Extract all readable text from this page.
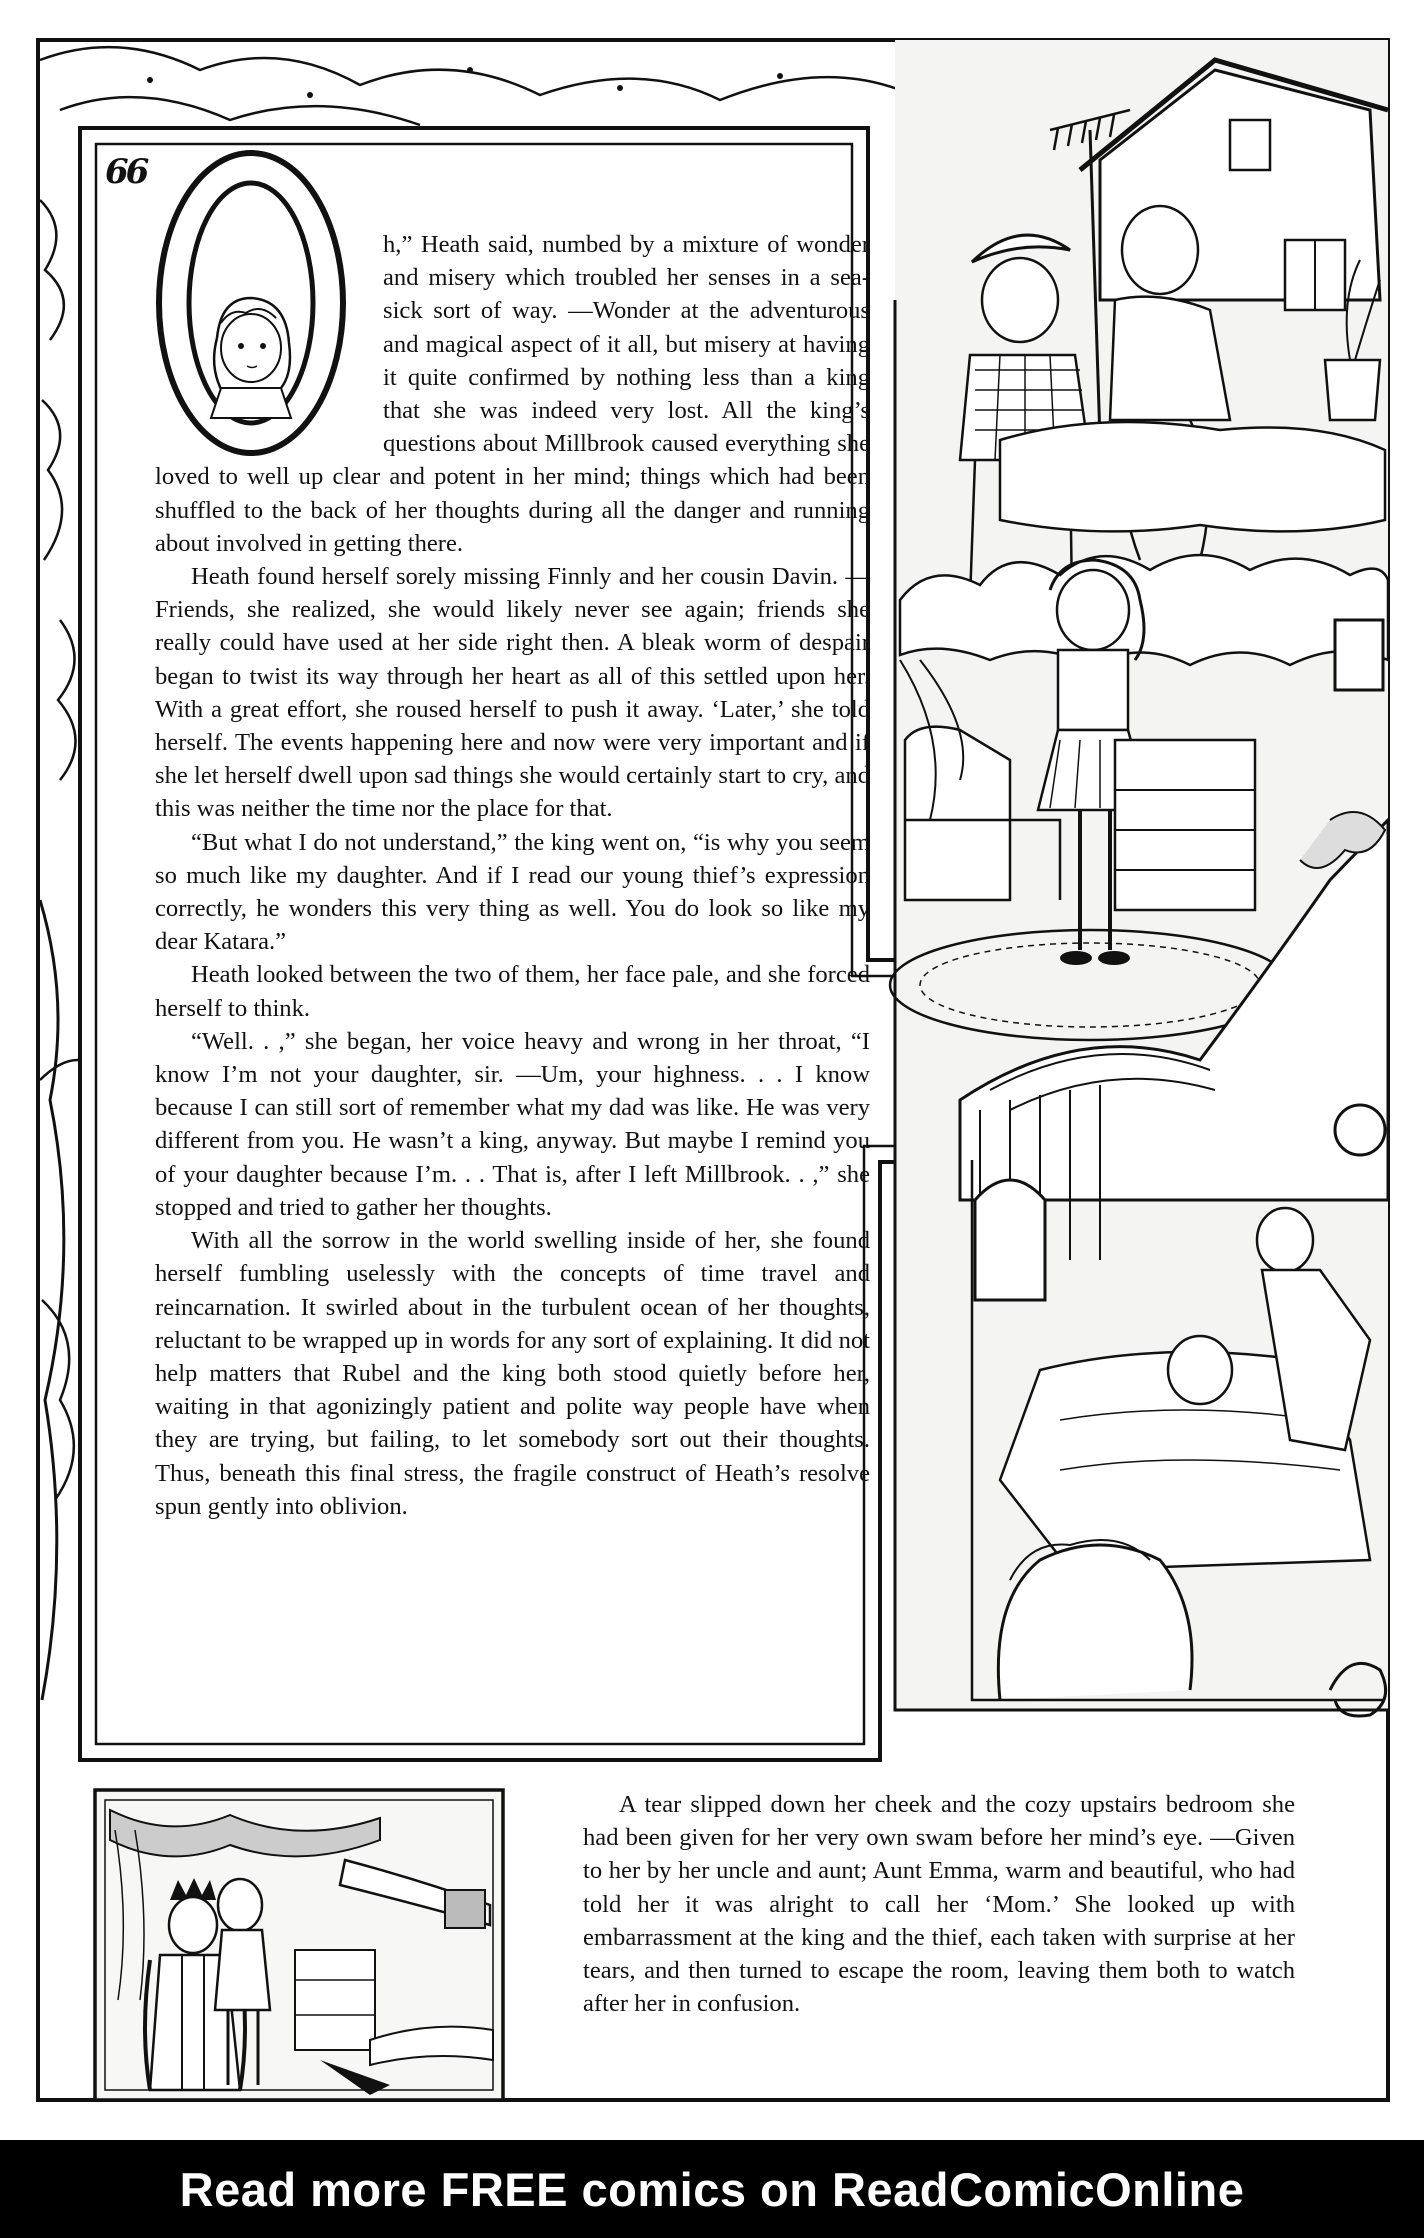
66

h,” Heath said, numbed by a mixture of wonder and misery which troubled her senses in a sea-sick sort of way. —Wonder at the adventurous and magical aspect of it all, but misery at having it quite confirmed by nothing less than a king that she was indeed very lost. All the king’s questions about Millbrook caused everything she loved to well up clear and potent in her mind; things which had been shuffled to the back of her thoughts during all the danger and running about involved in getting there.

Heath found herself sorely missing Finnly and her cousin Davin. —Friends, she realized, she would likely never see again; friends she really could have used at her side right then. A bleak worm of despair began to twist its way through her heart as all of this settled upon her. With a great effort, she roused herself to push it away. ‘Later,’ she told herself. The events happening here and now were very important and if she let herself dwell upon sad things she would certainly start to cry, and this was neither the time nor the place for that.

“But what I do not understand,” the king went on, “is why you seem so much like my daughter. And if I read our young thief’s expression correctly, he wonders this very thing as well. You do look so like my dear Katara.”

Heath looked between the two of them, her face pale, and she forced herself to think.

“Well. . ,” she began, her voice heavy and wrong in her throat, “I know I’m not your daughter, sir. —Um, your highness. . . I know because I can still sort of remember what my dad was like. He was very different from you. He wasn’t a king, anyway. But maybe I remind you of your daughter because I’m. . . That is, after I left Millbrook. . ,” she stopped and tried to gather her thoughts.

With all the sorrow in the world swelling inside of her, she found herself fumbling uselessly with the concepts of time travel and reincarnation. It swirled about in the turbulent ocean of her thoughts, reluctant to be wrapped up in words for any sort of explaining. It did not help matters that Rubel and the king both stood quietly before her, waiting in that agonizingly patient and polite way people have when they are trying, but failing, to let somebody sort out their thoughts. Thus, beneath this final stress, the fragile construct of Heath’s resolve spun gently into oblivion.

A tear slipped down her cheek and the cozy upstairs bedroom she had been given for her very own swam before her mind’s eye. —Given to her by her uncle and aunt; Aunt Emma, warm and beautiful, who had told her it was alright to call her ‘Mom.’ She looked up with embarrassment at the king and the thief, each taken with surprise at her tears, and then turned to escape the room, leaving them both to watch after her in confusion.

Read more FREE comics on ReadComicOnline
